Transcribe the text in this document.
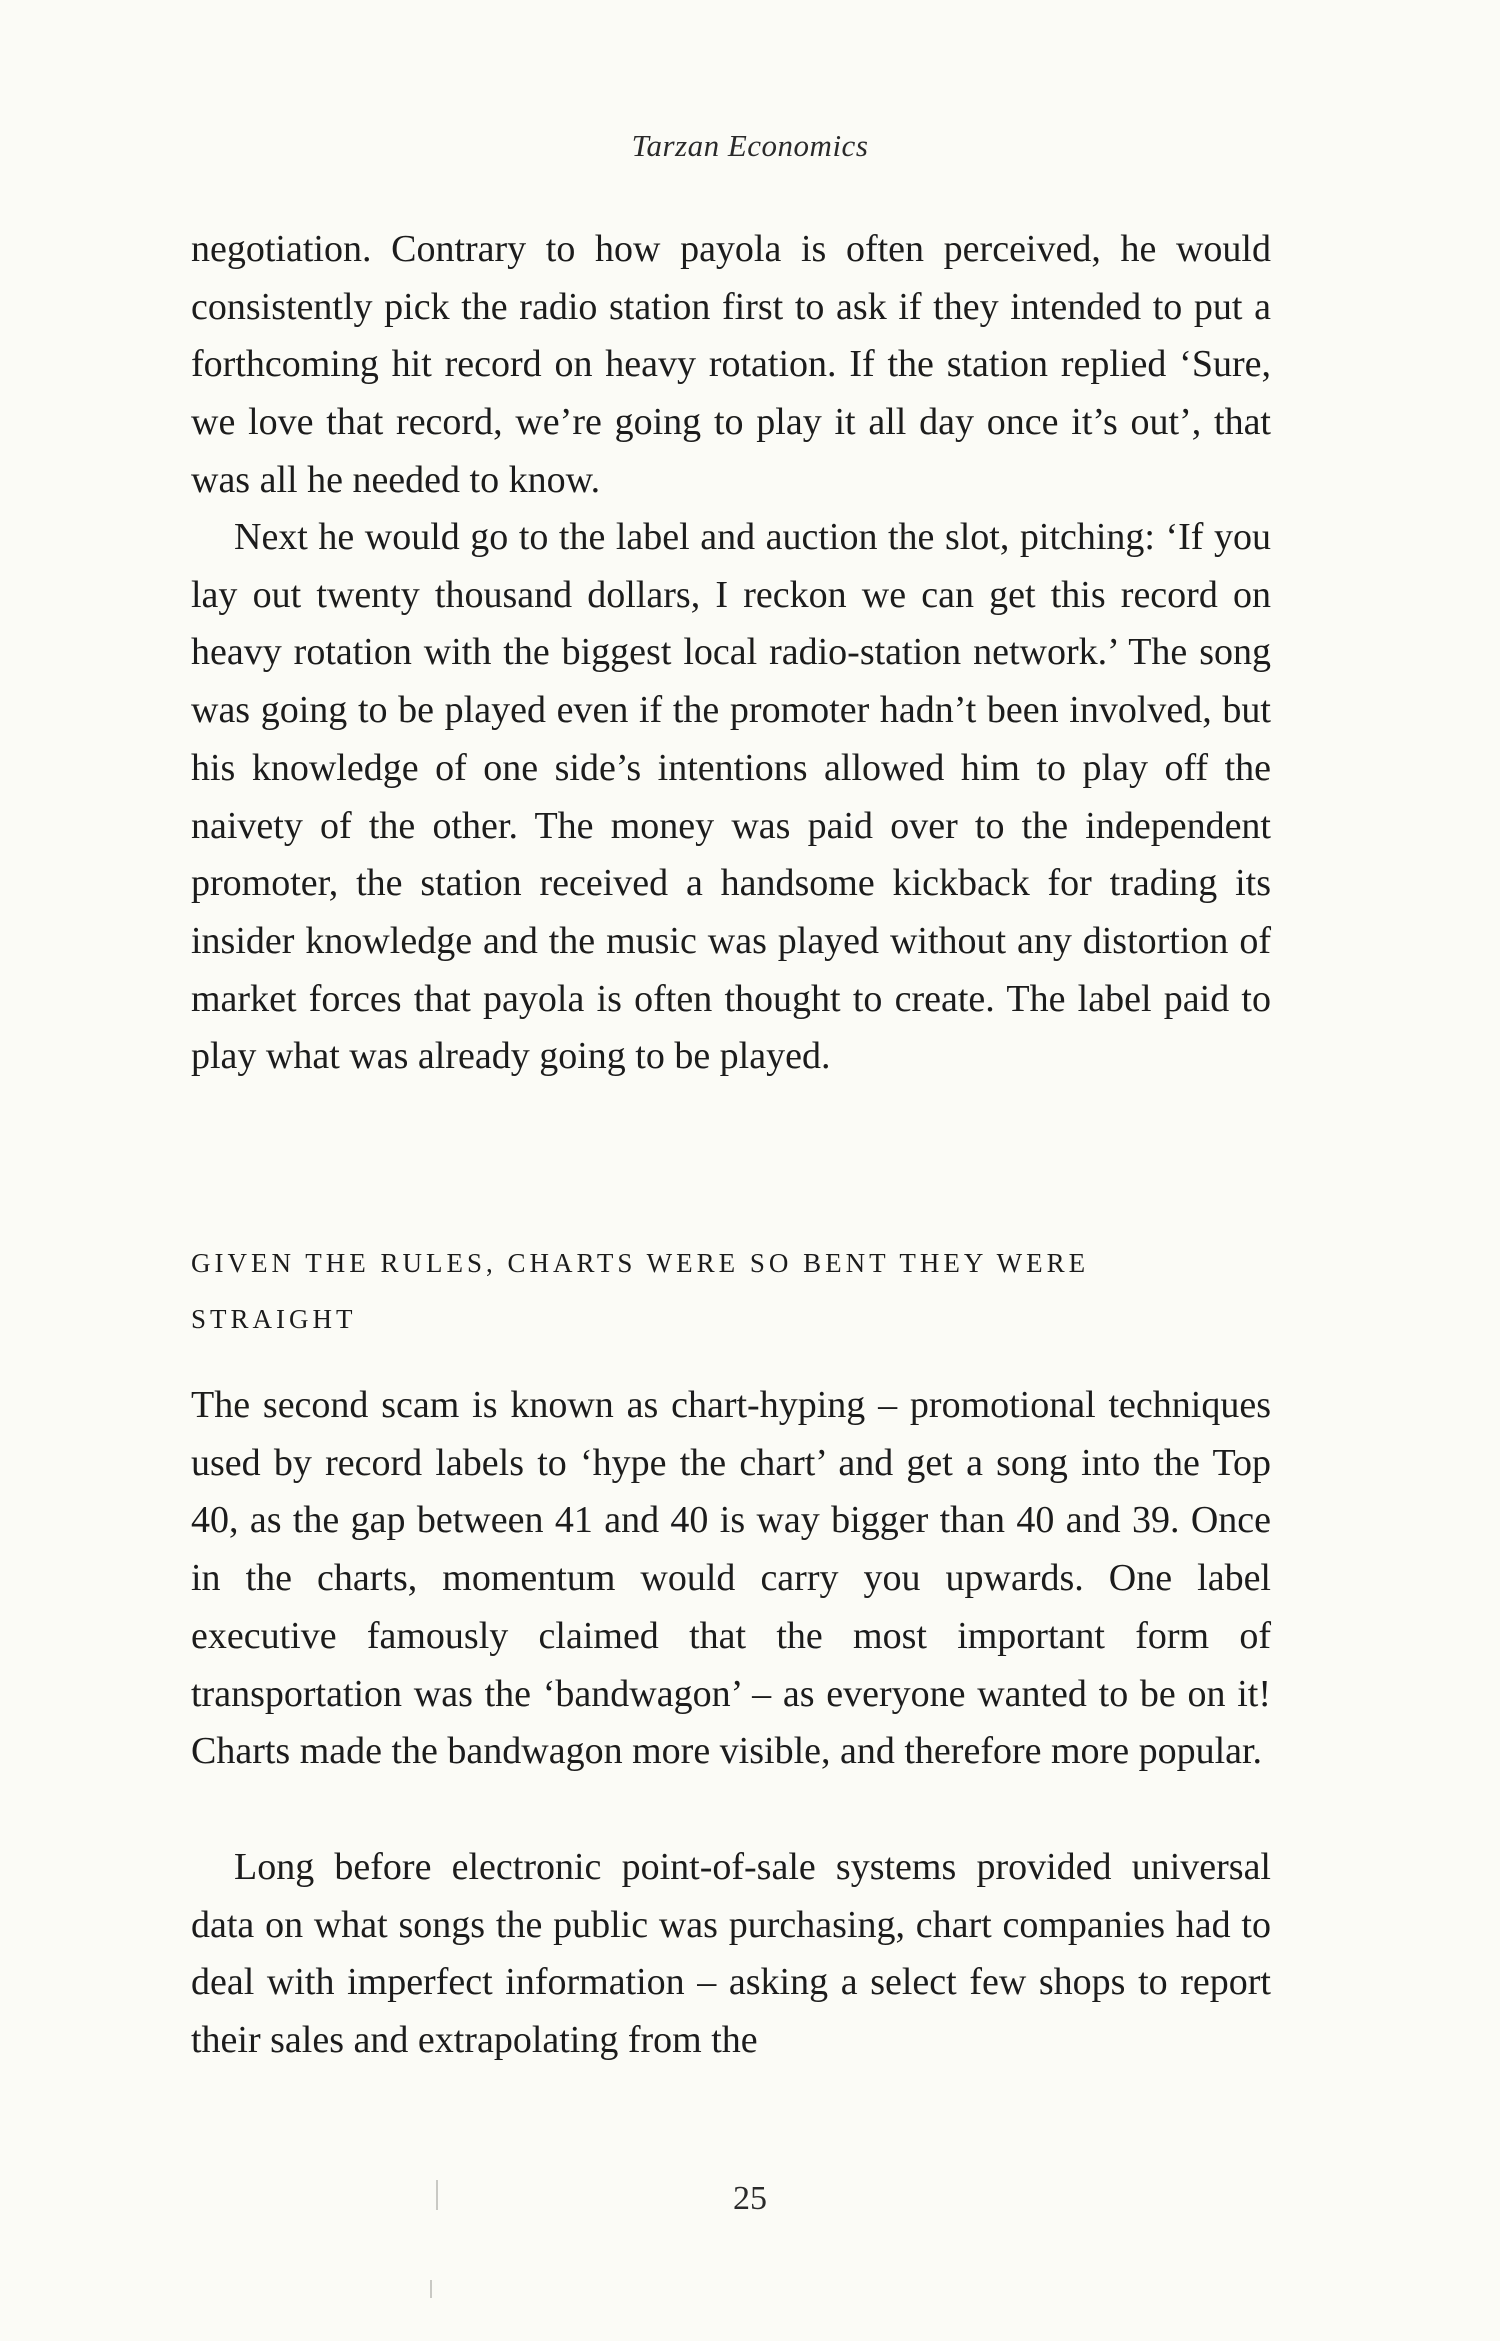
Tarzan Economics

negotiation. Contrary to how payola is often perceived, he would consistently pick the radio station first to ask if they intended to put a forthcoming hit record on heavy rotation. If the station replied ‘Sure, we love that record, we’re going to play it all day once it’s out’, that was all he needed to know.

Next he would go to the label and auction the slot, pitching: ‘If you lay out twenty thousand dollars, I reckon we can get this record on heavy rotation with the biggest local radio-station network.’ The song was going to be played even if the promoter hadn’t been involved, but his knowledge of one side’s intentions allowed him to play off the naivety of the other. The money was paid over to the independent promoter, the station received a handsome kickback for trading its insider knowledge and the music was played without any distortion of market forces that payola is often thought to create. The label paid to play what was already going to be played.

GIVEN THE RULES, CHARTS WERE SO BENT THEY WERE STRAIGHT

The second scam is known as chart-hyping – promotional techniques used by record labels to ‘hype the chart’ and get a song into the Top 40, as the gap between 41 and 40 is way bigger than 40 and 39. Once in the charts, momentum would carry you upwards. One label executive famously claimed that the most important form of transportation was the ‘bandwagon’ – as everyone wanted to be on it! Charts made the bandwagon more visible, and therefore more popular.

Long before electronic point-of-sale systems provided universal data on what songs the public was purchasing, chart companies had to deal with imperfect information – asking a select few shops to report their sales and extrapolating from the

25
